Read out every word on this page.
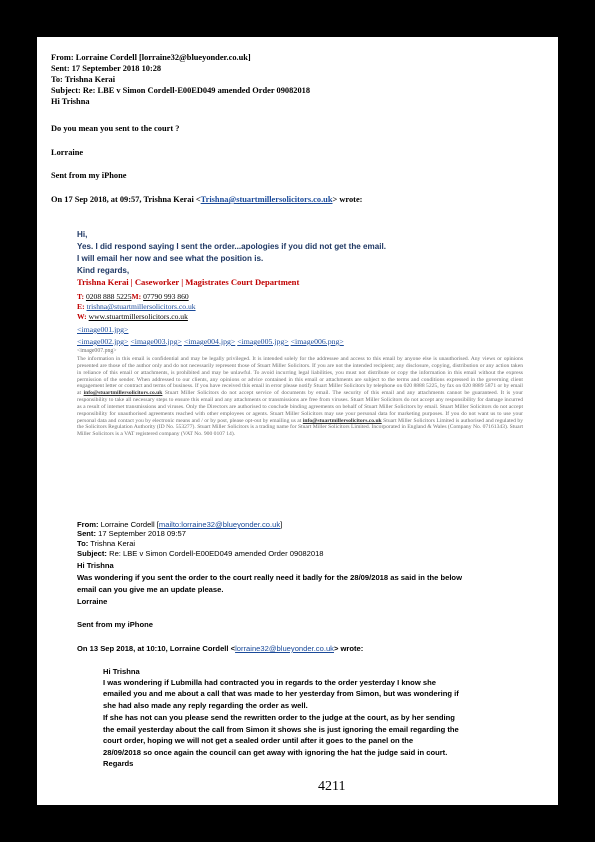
From: Lorraine Cordell [lorraine32@blueyonder.co.uk]
Sent: 17 September 2018 10:28
To: Trishna Kerai
Subject: Re: LBE v Simon Cordell-E00ED049 amended Order 09082018
Hi Trishna
Do you mean you sent to the court ?
Lorraine
Sent from my iPhone
On 17 Sep 2018, at 09:57, Trishna Kerai <Trishna@stuartmillersolicitors.co.uk> wrote:
Hi,
Yes. I did respond saying I sent the order...apologies if you did not get the email.
I will email her now and see what the position is.
Kind regards,
Trishna Kerai | Caseworker | Magistrates Court Department
T: 0208 888 5225M: 07790 993 860
E: trishna@stuartmillersolicitors.co.uk
W: www.stuartmillersolicitors.co.uk
<image001.jpg>
<image002.jpg> <image003.jpg> <image004.jpg> <image005.jpg> <image006.png>
<image007.png>
The information in this email is confidential and may be legally privileged. It is intended solely for the addressee and access to this email by anyone else is unauthorised. Any views or opinions presented are those of the author only and do not necessarily represent those of Stuart Miller Solicitors. If you are not the intended recipient; any disclosure, copying, distribution or any action taken in reliance of this email or attachments, is prohibited and may be unlawful. To avoid incurring legal liabilities, you must not distribute or copy the information in this email without the express permission of the sender. When addressed to our clients, any opinions or advice contained in this email or attachments are subject to the terms and conditions expressed in the governing client engagement letter or contract and terms of business. If you have received this email in error please notify Stuart Miller Solicitors by telephone on 020 8888 5225, by fax on 020 8889 5871 or by email at info@stuartmillersolicitors.co.uk Stuart Miller Solicitors do not accept service of documents by email. The security of this email and any attachments cannot be guaranteed. It is your responsibility to take all necessary steps to ensure this email and any attachments or transmissions are free from viruses. Stuart Miller Solicitors do not accept any responsibility for damage incurred as a result of internet transmissions and viruses. Only the Directors are authorised to conclude binding agreements on behalf of Stuart Miller Solicitors by email. Stuart Miller Solicitors do not accept responsibility for unauthorised agreements reached with other employees or agents. Stuart Miller Solicitors may use your personal data for marketing purposes. If you do not want us to use your personal data and contact you by electronic means and / or by post, please opt-out by emailing us at info@stuartmillersolicitors.co.uk Stuart Miller Solicitors Limited is authorised and regulated by the Solicitors Regulation Authority (ID No. 553277). Stuart Miller Solicitors is a trading name for Stuart Miller Solicitors Limited. Incorporated in England & Wales (Company No. 07161343). Stuart Miller Solicitors is a VAT registered company (VAT No. 900 0107 14).
From: Lorraine Cordell [mailto:lorraine32@blueyonder.co.uk]
Sent: 17 September 2018 09:57
To: Trishna Kerai
Subject: Re: LBE v Simon Cordell-E00ED049 amended Order 09082018
Hi Trishna
Was wondering if you sent the order to the court really need it badly for the 28/09/2018 as said in the below
email can you give me an update please.
Lorraine
Sent from my iPhone
On 13 Sep 2018, at 10:10, Lorraine Cordell <lorraine32@blueyonder.co.uk> wrote:
Hi Trishna
I was wondering if Lubmilla had contracted you in regards to the order yesterday I know she
emailed you and me about a call that was made to her yesterday from Simon, but was wondering if
she had also made any reply regarding the order as well.
If she has not can you please send the rewritten order to the judge at the court, as by her sending
the email yesterday about the call from Simon it shows she is just ignoring the email regarding the
court order, hoping we will not get a sealed order until after it goes to the panel on the
28/09/2018 so once again the council can get away with ignoring the hat the judge said in court.
Regards
4211
